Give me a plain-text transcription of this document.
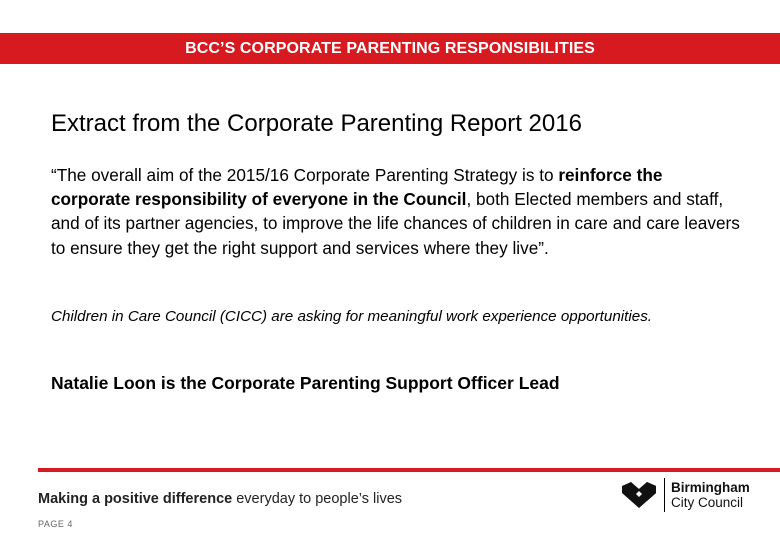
BCC’S CORPORATE PARENTING RESPONSIBILITIES
Extract from the Corporate Parenting Report 2016
“The overall aim of the 2015/16 Corporate Parenting Strategy is to reinforce the corporate responsibility of everyone in the Council, both Elected members and staff, and of its partner agencies, to improve the life chances of children in care and care leavers to ensure they get the right support and services where they live”.
Children in Care Council (CICC) are asking for meaningful work experience opportunities.
Natalie Loon is the Corporate Parenting Support Officer Lead
Making a positive difference everyday to people’s lives
Birmingham
City Council
PAGE 4
